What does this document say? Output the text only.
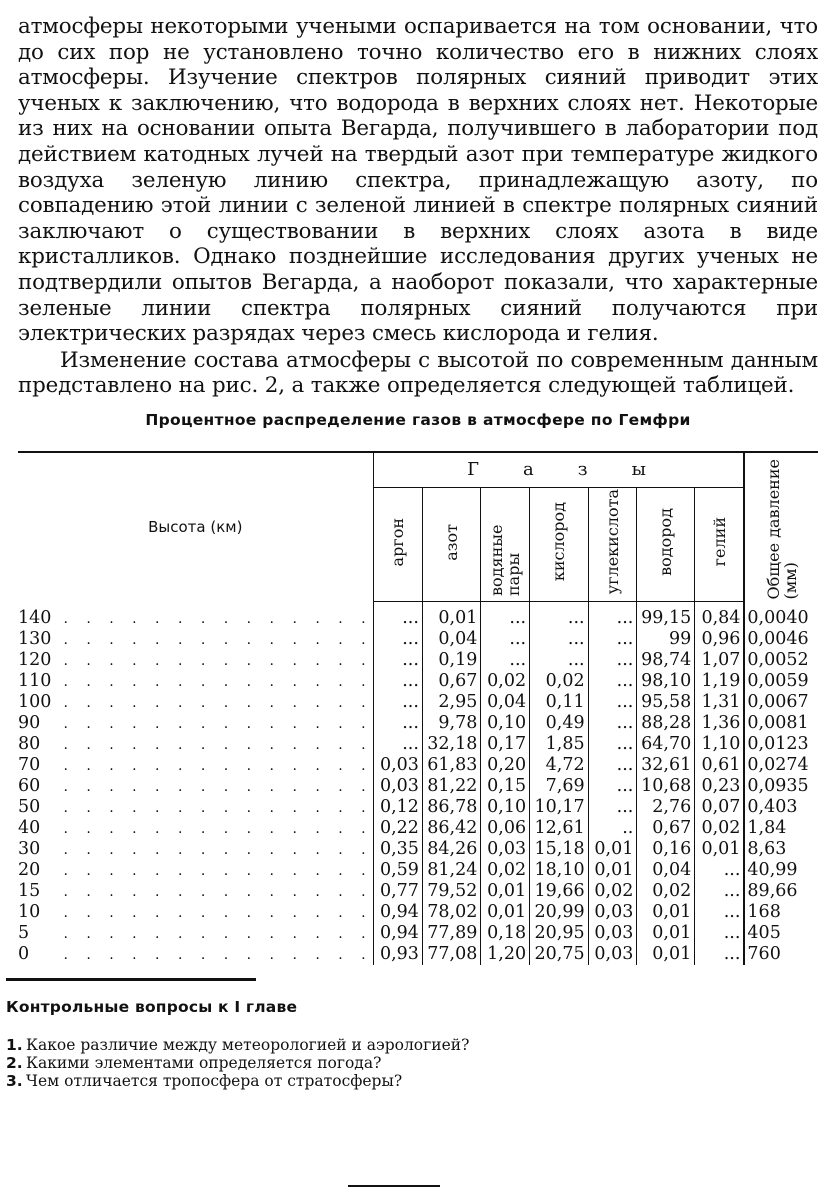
атмосферы некоторыми учеными оспаривается на том основании, что до сих пор не установлено точно количество его в нижних слоях атмосферы. Изучение спектров полярных сияний приводит этих ученых к заключению, что водорода в верхних слоях нет. Некоторые из них на основании опыта Вегарда, получившего в лаборатории под действием катодных лучей на твердый азот при температуре жидкого воздуха зеленую линию спектра, принадлежащую азоту, по совпадению этой линии с зеленой линией в спектре полярных сияний заключают о существовании в верхних слоях азота в виде кристалликов. Однако позднейшие исследования других ученых не подтвердили опытов Вегарда, а наоборот показали, что характерные зеленые линии спектра полярных сияний получаются при электрических разрядах через смесь кислорода и гелия.

Изменение состава атмосферы с высотой по современным данным представлено на рис. 2, а также определяется следующей таблицей.

Процентное распределение газов в атмосфере по Гемфри
Высота (км)	Газы							Общее давление (мм)
	аргон	азот	водяные пары	кислород	углекислота	водород	гелий	
140 . . . . . . . . . . . . . .	...	0,01	...	...	...	99,15	0,84	0,0040
130 . . . . . . . . . . . . . .	...	0,04	...	...	...	99	0,96	0,0046
120 . . . . . . . . . . . . . .	...	0,19	...	...	...	98,74	1,07	0,0052
110 . . . . . . . . . . . . . .	...	0,67	0,02	0,02	...	98,10	1,19	0,0059
100 . . . . . . . . . . . . . .	...	2,95	0,04	0,11	...	95,58	1,31	0,0067
90 . . . . . . . . . . . . . .	...	9,78	0,10	0,49	...	88,28	1,36	0,0081
80 . . . . . . . . . . . . . .	...	32,18	0,17	1,85	...	64,70	1,10	0,0123
70 . . . . . . . . . . . . . .	0,03	61,83	0,20	4,72	...	32,61	0,61	0,0274
60 . . . . . . . . . . . . . .	0,03	81,22	0,15	7,69	...	10,68	0,23	0,0935
50 . . . . . . . . . . . . . .	0,12	86,78	0,10	10,17	...	2,76	0,07	0,403
40 . . . . . . . . . . . . . .	0,22	86,42	0,06	12,61	..	0,67	0,02	1,84
30 . . . . . . . . . . . . . .	0,35	84,26	0,03	15,18	0,01	0,16	0,01	8,63
20 . . . . . . . . . . . . . .	0,59	81,24	0,02	18,10	0,01	0,04	...	40,99
15 . . . . . . . . . . . . . .	0,77	79,52	0,01	19,66	0,02	0,02	...	89,66
10 . . . . . . . . . . . . . .	0,94	78,02	0,01	20,99	0,03	0,01	...	168
5 . . . . . . . . . . . . . .	0,94	77,89	0,18	20,95	0,03	0,01	...	405
0 . . . . . . . . . . . . . .	0,93	77,08	1,20	20,75	0,03	0,01	...	760
Контрольные вопросы к I главе
1. Какое различие между метеорологией и аэрологией?
2. Какими элементами определяется погода?
3. Чем отличается тропосфера от стратосферы?
